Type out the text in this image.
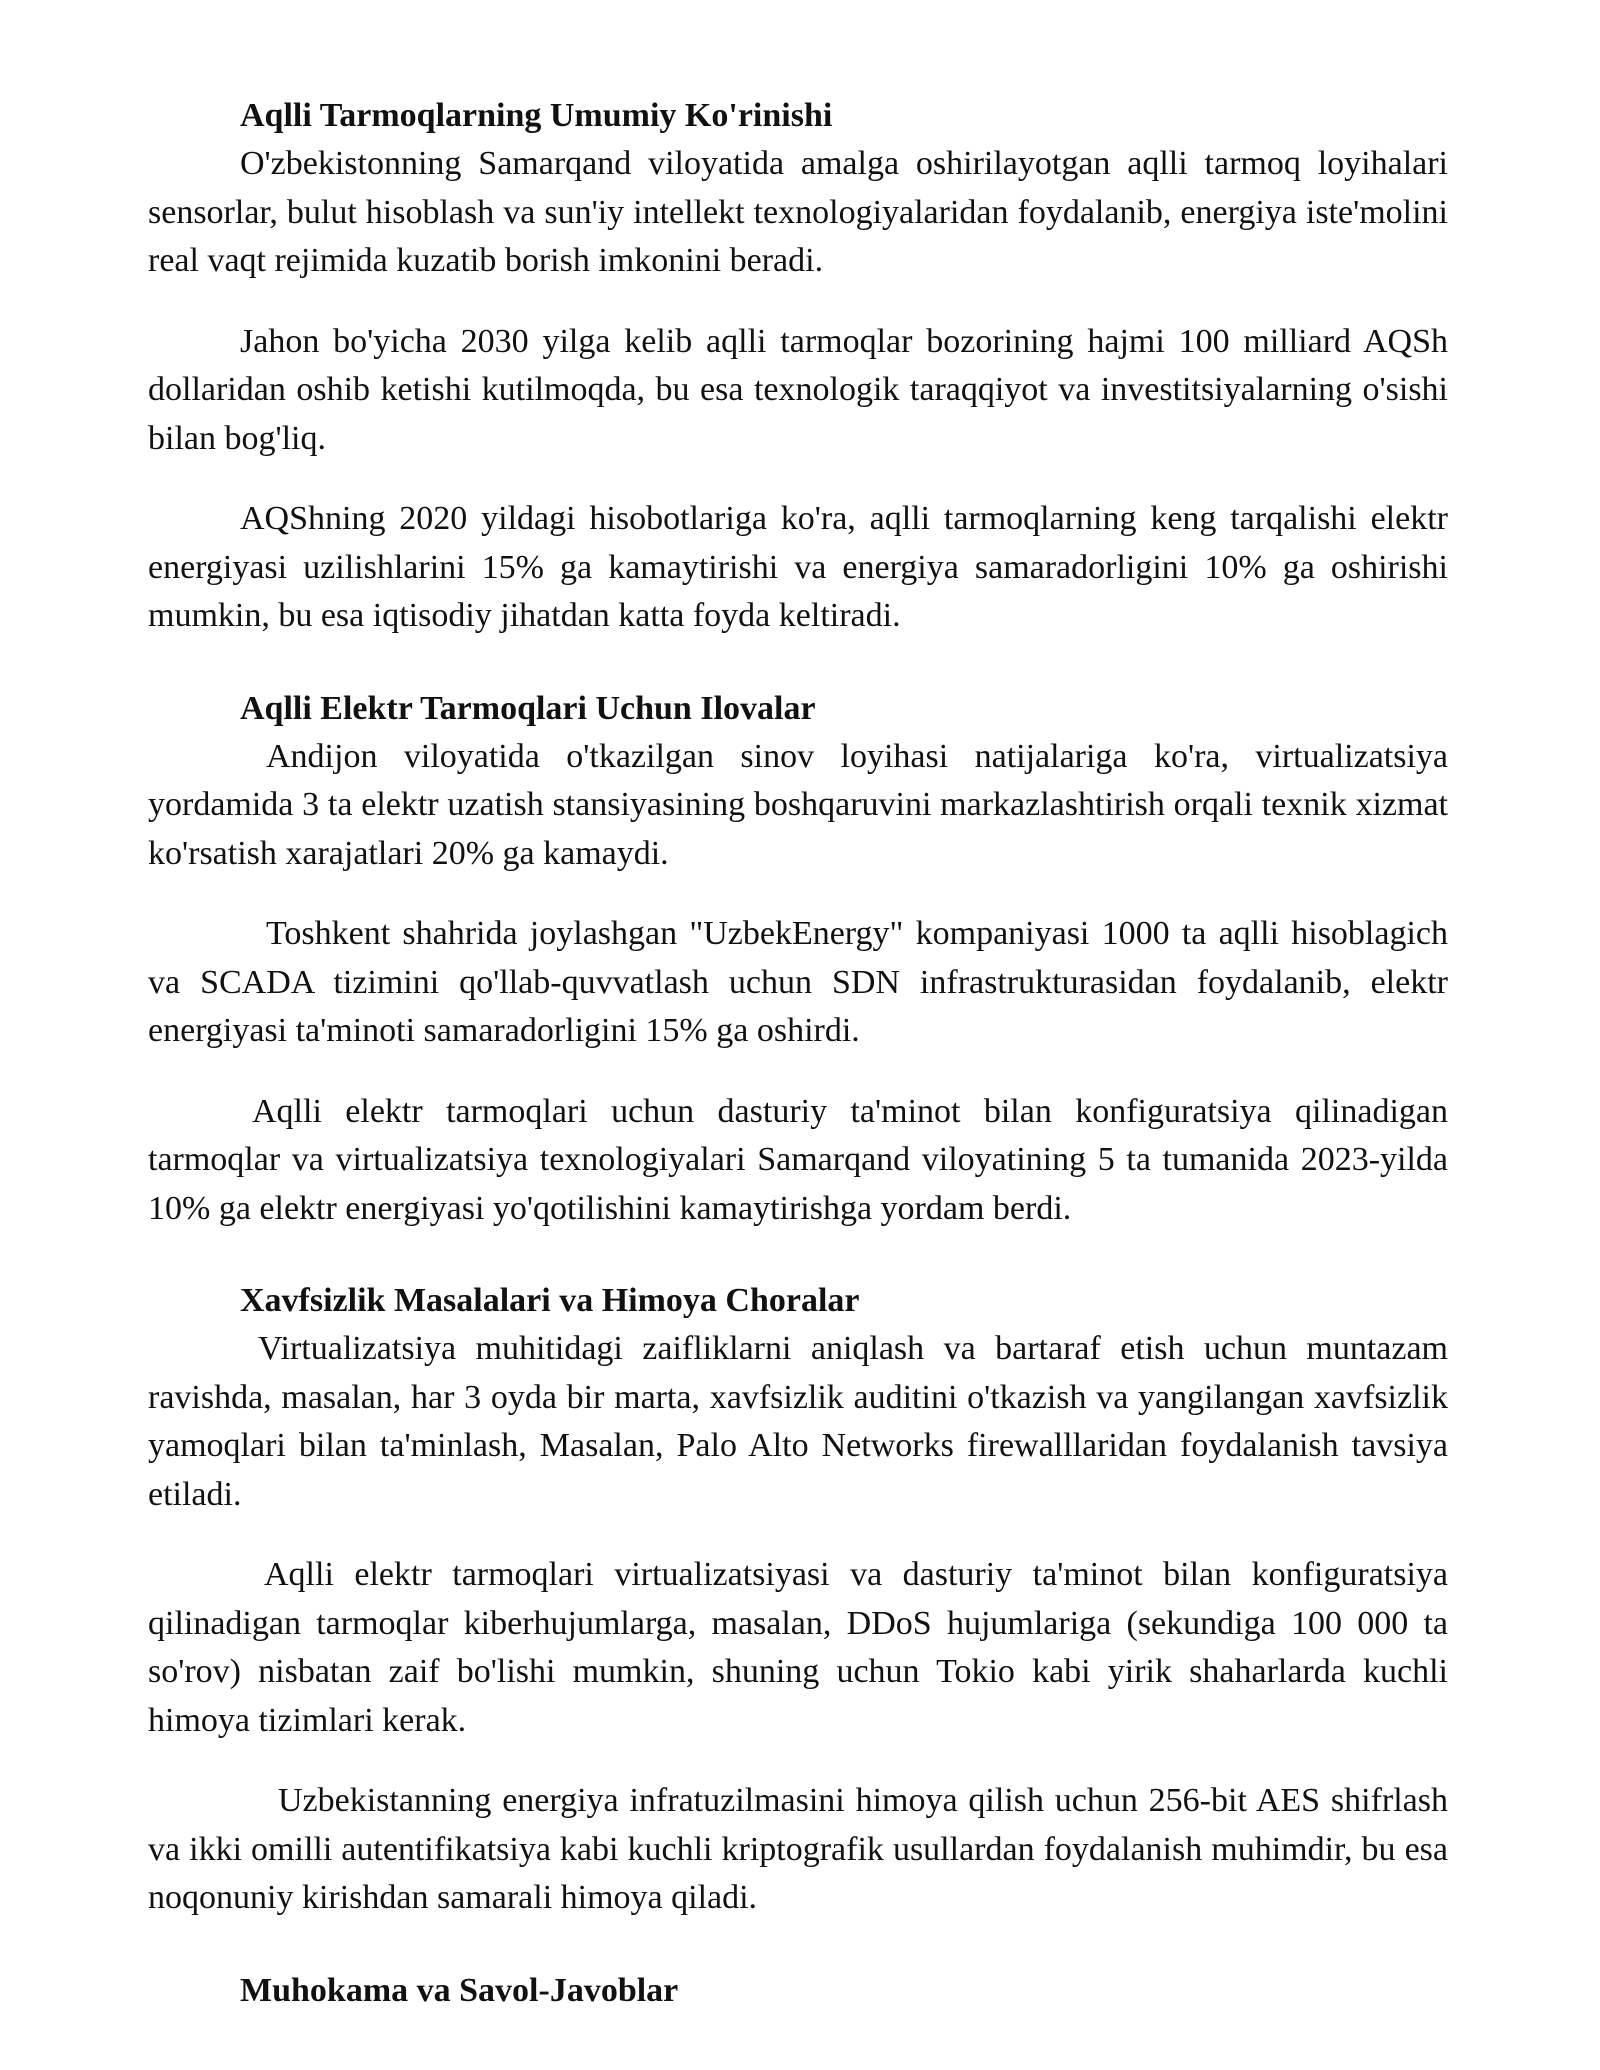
Aqlli Tarmoqlarning Umumiy Ko'rinishi

O'zbekistonning Samarqand viloyatida amalga oshirilayotgan aqlli tarmoq loyihalari sensorlar, bulut hisoblash va sun'iy intellekt texnologiyalaridan foydalanib, energiya iste'molini real vaqt rejimida kuzatib borish imkonini beradi.

Jahon bo'yicha 2030 yilga kelib aqlli tarmoqlar bozorining hajmi 100 milliard AQSh dollaridan oshib ketishi kutilmoqda, bu esa texnologik taraqqiyot va investitsiyalarning o'sishi bilan bog'liq.

AQShning 2020 yildagi hisobotlariga ko'ra, aqlli tarmoqlarning keng tarqalishi elektr energiyasi uzilishlarini 15% ga kamaytirishi va energiya samaradorligini 10% ga oshirishi mumkin, bu esa iqtisodiy jihatdan katta foyda keltiradi.

Aqlli Elektr Tarmoqlari Uchun Ilovalar

Andijon viloyatida o'tkazilgan sinov loyihasi natijalariga ko'ra, virtualizatsiya yordamida 3 ta elektr uzatish stansiyasining boshqaruvini markazlashtirish orqali texnik xizmat ko'rsatish xarajatlari 20% ga kamaydi.

Toshkent shahrida joylashgan "UzbekEnergy" kompaniyasi 1000 ta aqlli hisoblagich va SCADA tizimini qo'llab-quvvatlash uchun SDN infrastrukturasidan foydalanib, elektr energiyasi ta'minoti samaradorligini 15% ga oshirdi.

Aqlli elektr tarmoqlari uchun dasturiy ta'minot bilan konfiguratsiya qilinadigan tarmoqlar va virtualizatsiya texnologiyalari Samarqand viloyatining 5 ta tumanida 2023-yilda 10% ga elektr energiyasi yo'qotilishini kamaytirishga yordam berdi.

Xavfsizlik Masalalari va Himoya Choralar

Virtualizatsiya muhitidagi zaifliklarni aniqlash va bartaraf etish uchun muntazam ravishda, masalan, har 3 oyda bir marta, xavfsizlik auditini o'tkazish va yangilangan xavfsizlik yamoqlari bilan ta'minlash, Masalan, Palo Alto Networks firewalllaridan foydalanish tavsiya etiladi.

Aqlli elektr tarmoqlari virtualizatsiyasi va dasturiy ta'minot bilan konfiguratsiya qilinadigan tarmoqlar kiberhujumlarga, masalan, DDoS hujumlariga (sekundiga 100 000 ta so'rov) nisbatan zaif bo'lishi mumkin, shuning uchun Tokio kabi yirik shaharlarda kuchli himoya tizimlari kerak.

Uzbekistanning energiya infratuzilmasini himoya qilish uchun 256-bit AES shifrlash va ikki omilli autentifikatsiya kabi kuchli kriptografik usullardan foydalanish muhimdir, bu esa noqonuniy kirishdan samarali himoya qiladi.

Muhokama va Savol-Javoblar
